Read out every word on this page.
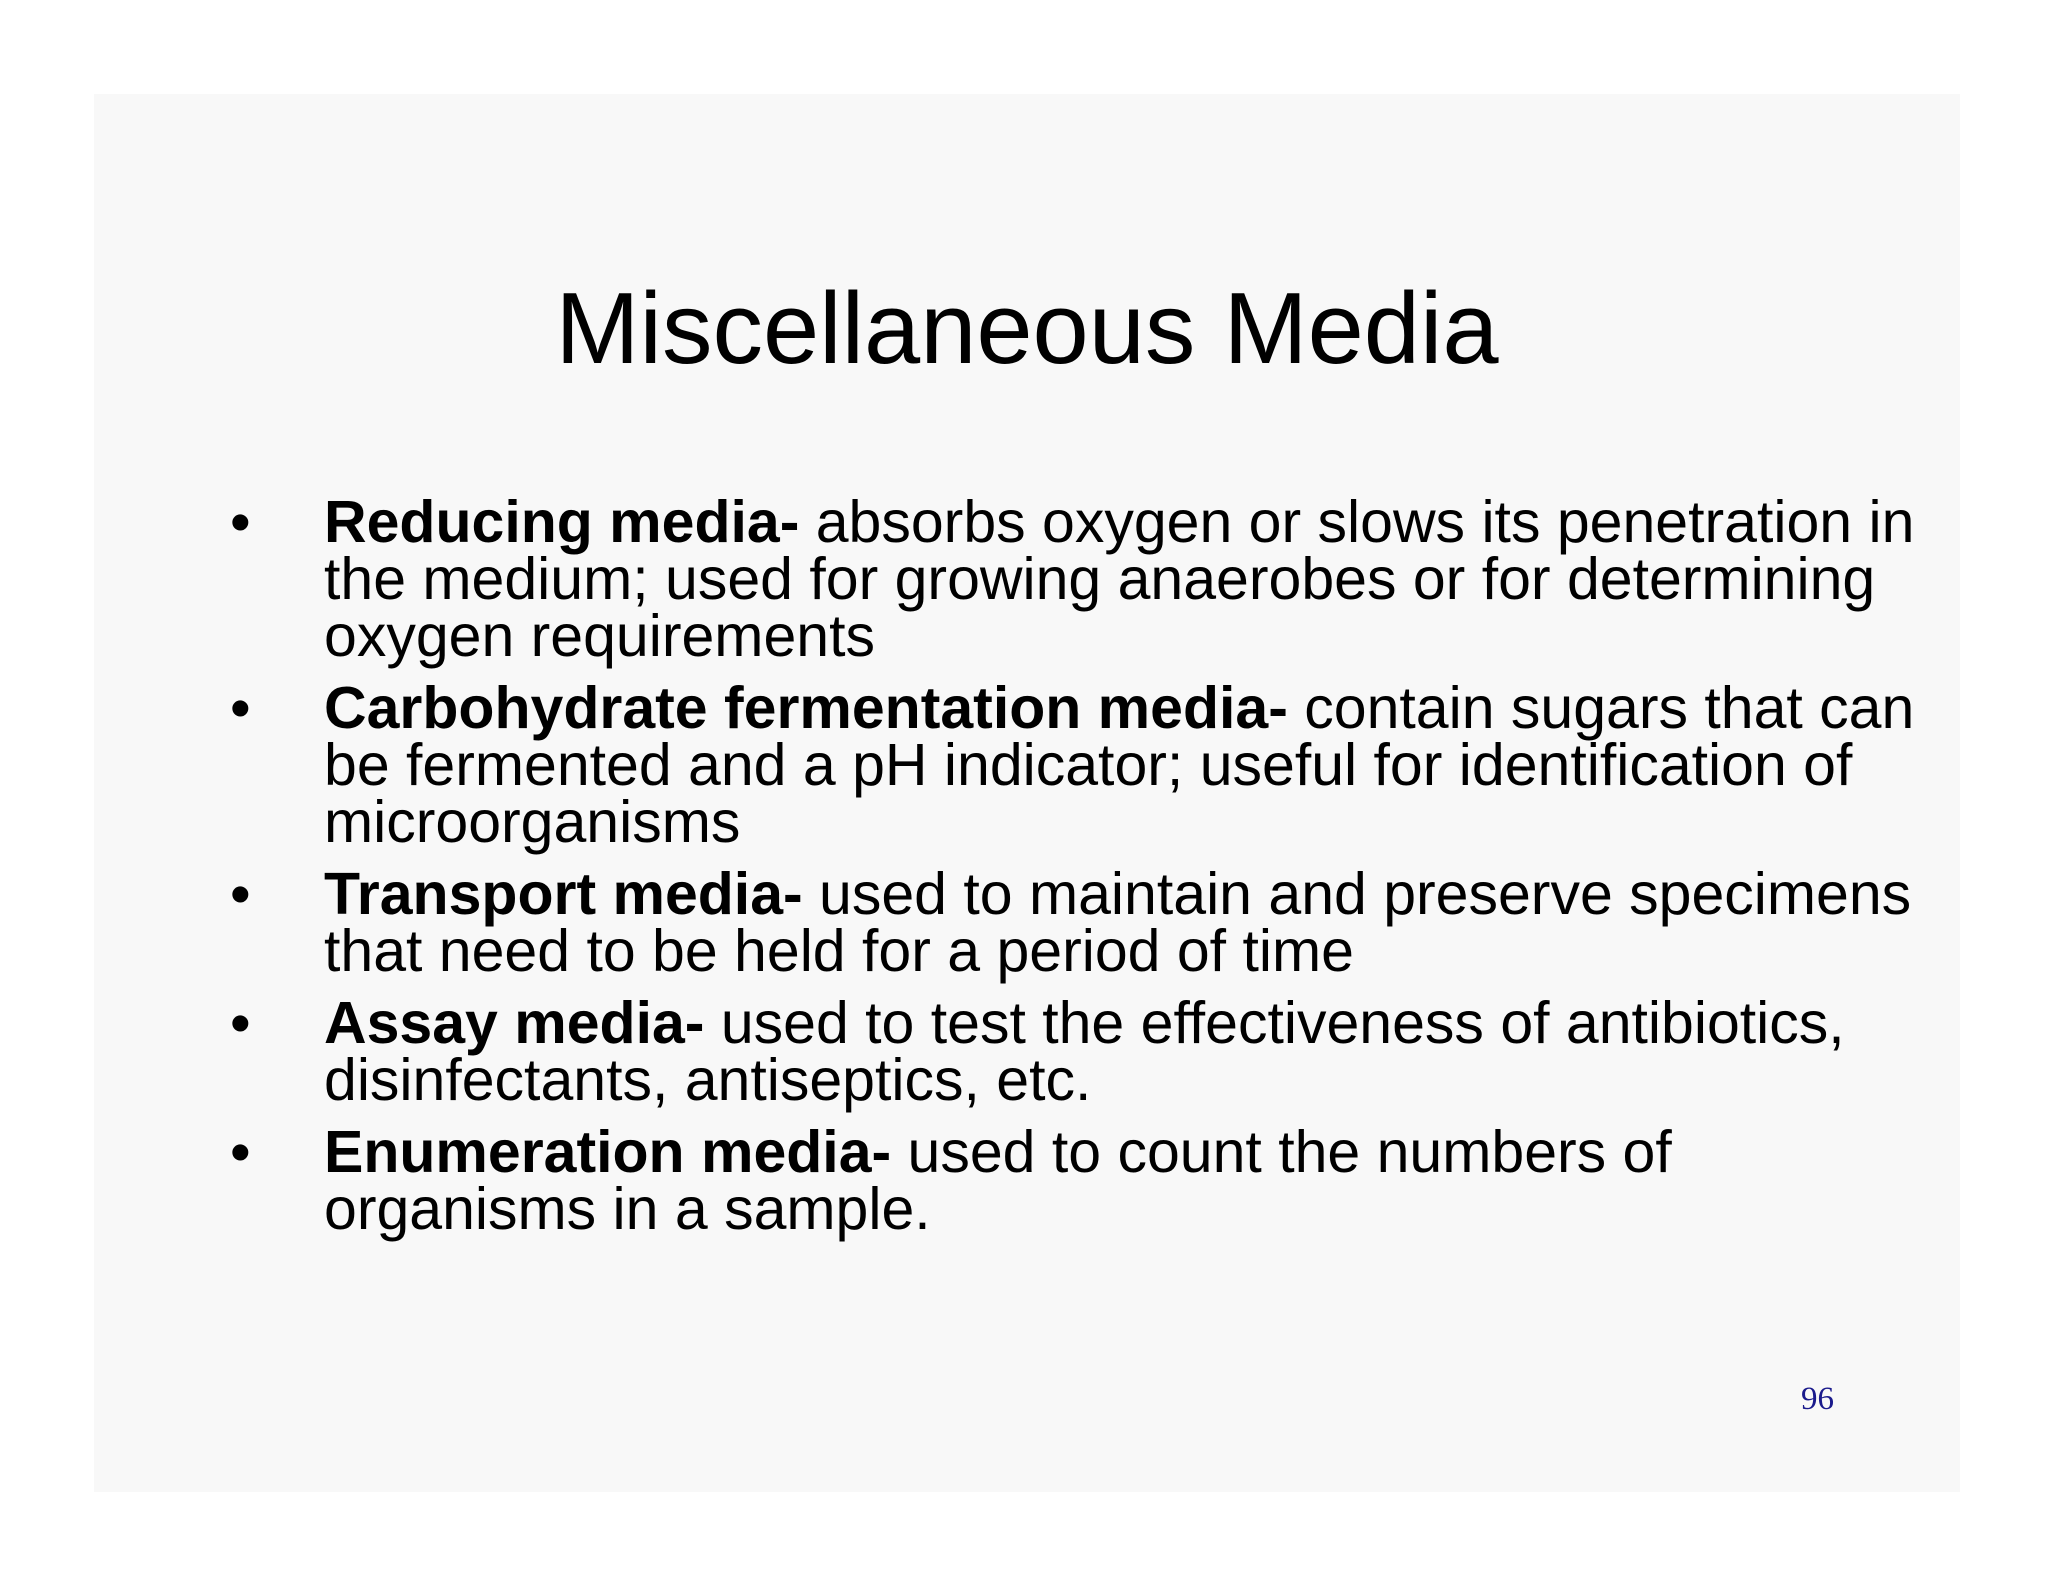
Miscellaneous Media
•	Reducing media- absorbs oxygen or slows its penetration in the medium; used for growing anaerobes or for determining oxygen requirements
•	Carbohydrate fermentation media- contain sugars that can be fermented and a pH indicator; useful for identification of microorganisms
•	Transport media- used to maintain and preserve specimens that need to be held for a period of time
•	Assay media- used to test the effectiveness of antibiotics, disinfectants, antiseptics, etc.
•	Enumeration media- used to count the numbers of organisms in a sample.
96
